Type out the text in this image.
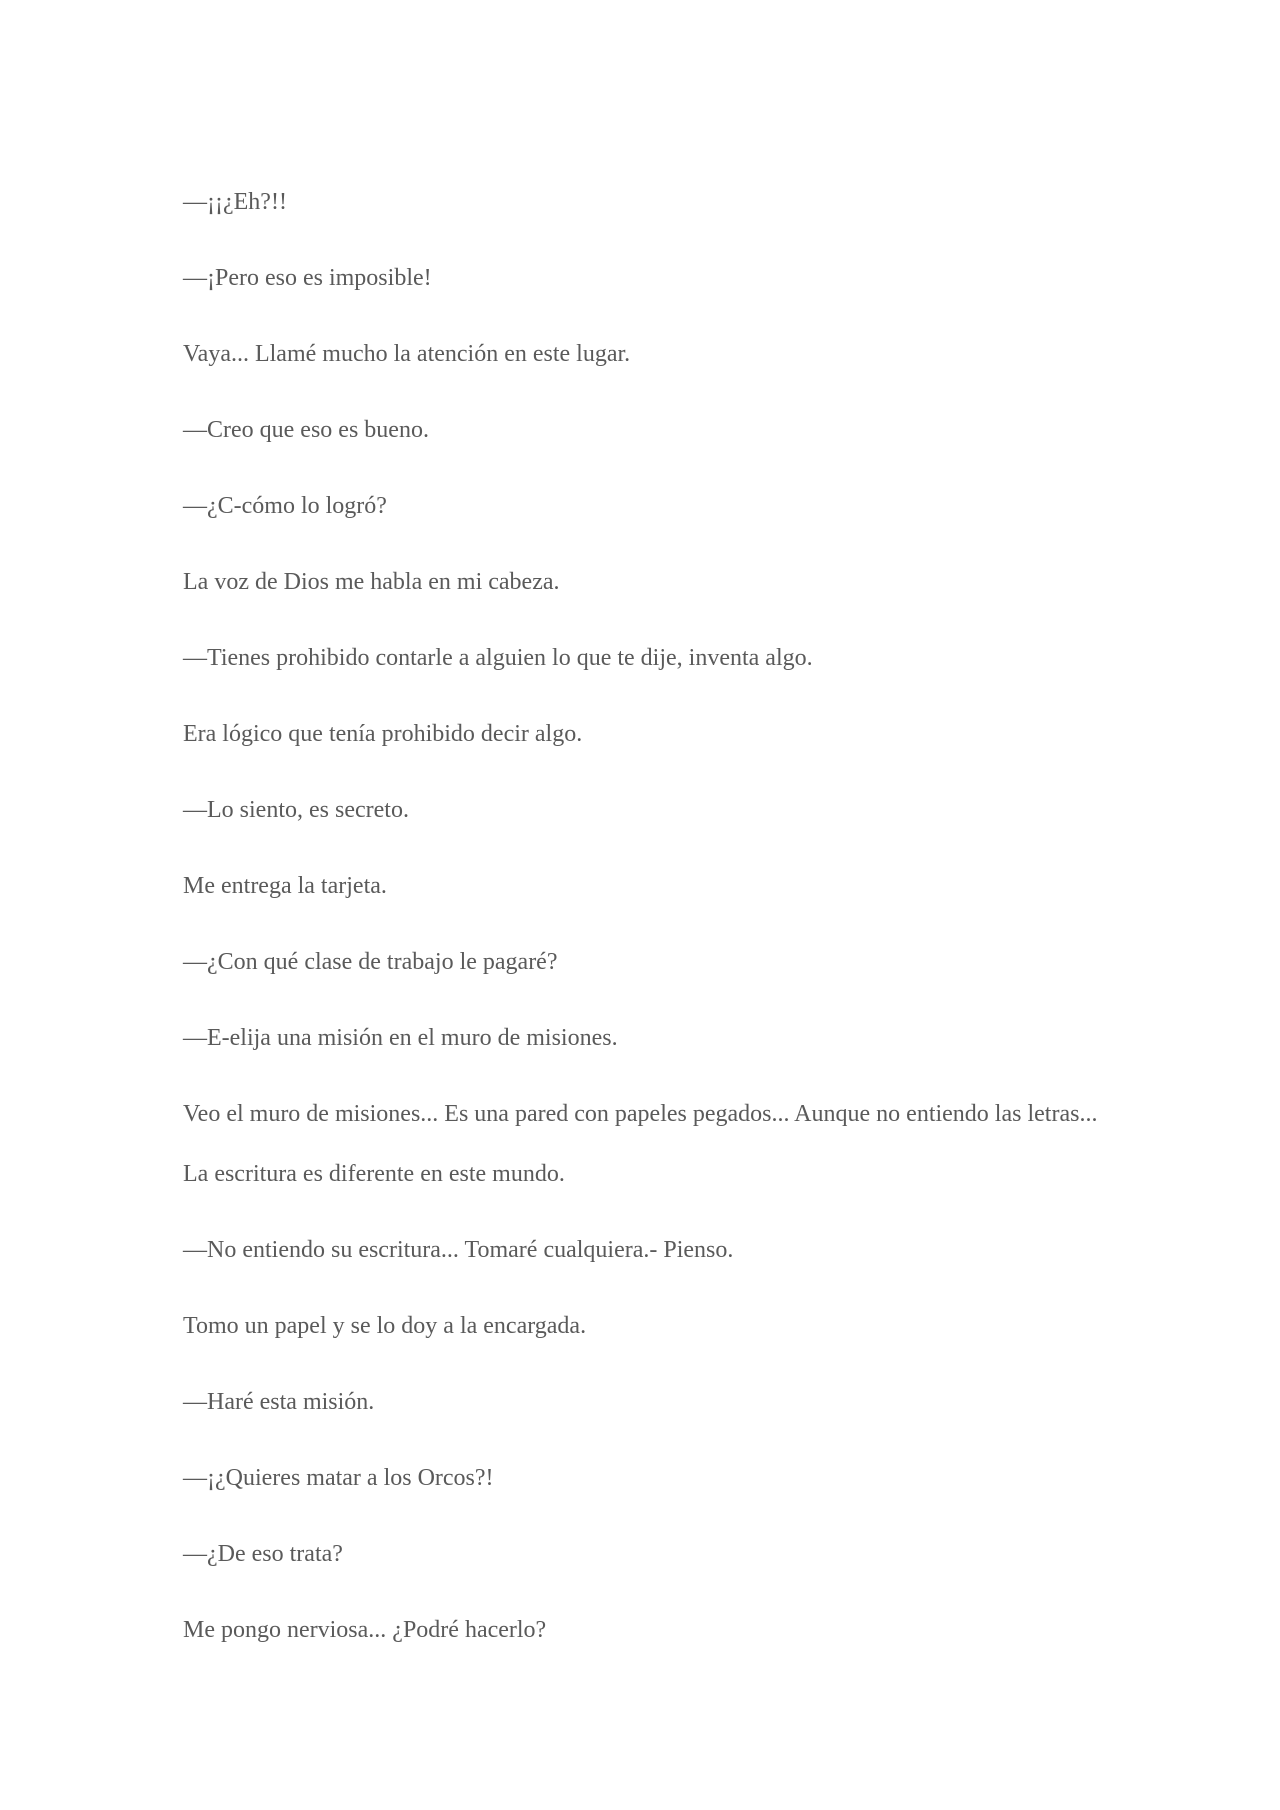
—¡¡¿Eh?!!

—¡Pero eso es imposible!

Vaya... Llamé mucho la atención en este lugar.

—Creo que eso es bueno.

—¿C-cómo lo logró?

La voz de Dios me habla en mi cabeza.

—Tienes prohibido contarle a alguien lo que te dije, inventa algo.

Era lógico que tenía prohibido decir algo.

—Lo siento, es secreto.

Me entrega la tarjeta.

—¿Con qué clase de trabajo le pagaré?

—E-elija una misión en el muro de misiones.

Veo el muro de misiones... Es una pared con papeles pegados... Aunque no entiendo las letras... La escritura es diferente en este mundo.

—No entiendo su escritura... Tomaré cualquiera.- Pienso.

Tomo un papel y se lo doy a la encargada.

—Haré esta misión.

—¡¿Quieres matar a los Orcos?!

—¿De eso trata?

Me pongo nerviosa... ¿Podré hacerlo?
